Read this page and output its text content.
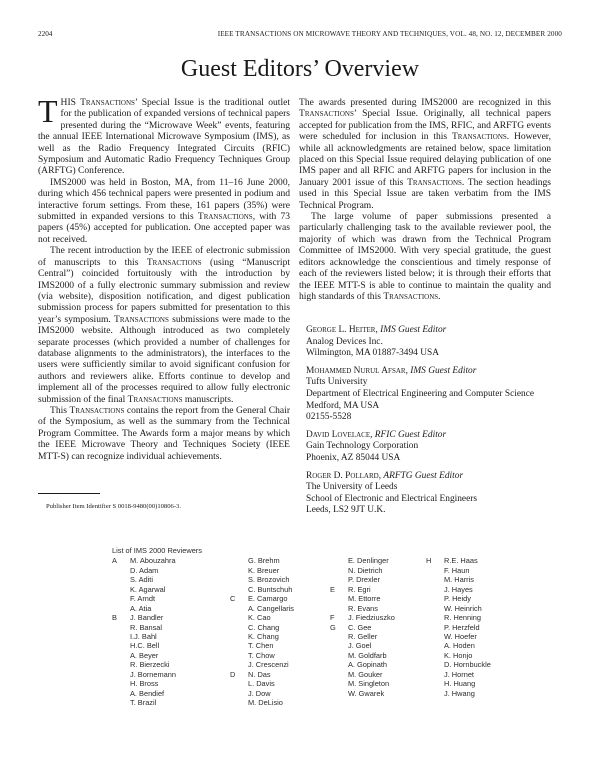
2204	IEEE TRANSACTIONS ON MICROWAVE THEORY AND TECHNIQUES, VOL. 48, NO. 12, DECEMBER 2000
Guest Editors’ Overview

THIS Transactions’ Special Issue is the traditional outlet for the publication of expanded versions of technical papers presented during the “Microwave Week” events, featuring the annual IEEE International Microwave Symposium (IMS), as well as the Radio Frequency Integrated Circuits (RFIC) Symposium and Automatic Radio Frequency Techniques Group (ARFTG) Conference.

IMS2000 was held in Boston, MA, from 11–16 June 2000, during which 456 technical papers were presented in podium and interactive forum settings. From these, 161 papers (35%) were submitted in expanded versions to this Transactions, with 73 papers (45%) accepted for publication. One accepted paper was not received.

The recent introduction by the IEEE of electronic submission of manuscripts to this Transactions (using “Manuscript Central”) coincided fortuitously with the introduction by IMS2000 of a fully electronic summary submission and review (via website), disposition notification, and digest publication submission process for papers submitted for presentation to this year’s symposium. Transactions submissions were made to the IMS2000 website. Although introduced as two completely separate processes (which provided a number of challenges for database alignments to the administrators), the interfaces to the users were sufficiently similar to avoid significant confusion for authors and reviewers alike. Efforts continue to develop and implement all of the processes required to allow fully electronic submission of the final Transactions manuscripts.

This Transactions contains the report from the General Chair of the Symposium, as well as the summary from the Technical Program Committee. The Awards form a major means by which the IEEE Microwave Theory and Techniques Society (IEEE MTT-S) can recognize individual achievements.

The awards presented during IMS2000 are recognized in this Transactions’ Special Issue. Originally, all technical papers accepted for publication from the IMS, RFIC, and ARFTG events were scheduled for inclusion in this Transactions. However, while all acknowledgments are retained below, space limitation placed on this Special Issue required delaying publication of one IMS paper and all RFIC and ARFTG papers for inclusion in the January 2001 issue of this Transactions. The section headings used in this Special Issue are taken verbatim from the IMS Technical Program.

The large volume of paper submissions presented a particularly challenging task to the available reviewer pool, the majority of which was drawn from the Technical Program Committee of IMS2000. With very special gratitude, the guest editors acknowledge the conscientious and timely response of each of the reviewers listed below; it is through their efforts that the IEEE MTT-S is able to continue to maintain the quality and high standards of this Transactions.

George L. Heiter, IMS Guest Editor
Analog Devices Inc.
Wilmington, MA 01887-3494 USA
Mohammed Nurul Afsar, IMS Guest Editor
Tufts University
Department of Electrical Engineering and Computer Science
Medford, MA USA
02155-5528
David Lovelace, RFIC Guest Editor
Gain Technology Corporation
Phoenix, AZ 85044 USA
Roger D. Pollard, ARFTG Guest Editor
The University of Leeds
School of Electronic and Electrical Engineers
Leeds, LS2 9JT U.K.
Publisher Item Identifier S 0018-9480(00)10806-3.
List of IMS 2000 Reviewers
A	M. Abouzahra
D. Adam
S. Aditi
K. Agarwal
F. Arndt
A. Atia
B	J. Bandler
R. Bansal
I.J. Bahl
H.C. Bell
A. Beyer
R. Bierzecki
J. Bornemann
H. Bross
A. Bendief
T. Brazil
G. Brehm
K. Breuer
S. Brozovich
C. Buntschuh
C	E. Camargo
A. Cangellaris
K. Cao
C. Chang
K. Chang
T. Chen
T. Chow
J. Crescenzi
D	N. Das
L. Davis
J. Dow
M. DeLisio
E. Denlinger
N. Dietrich
P. Drexler
E	R. Egri
M. Ettorre
R. Evans
F	J. Fiedziuszko
G	C. Gee
R. Geller
J. Goel
M. Goldfarb
A. Gopinath
M. Gouker
M. Singleton
W. Gwarek
H	R.E. Haas
F. Haun
M. Harris
J. Hayes
P. Heidy
W. Heinrich
R. Henning
P. Herzfeld
W. Hoefer
A. Hoden
K. Honjo
D. Hornbuckle
J. Hornet
H. Huang
J. Hwang
